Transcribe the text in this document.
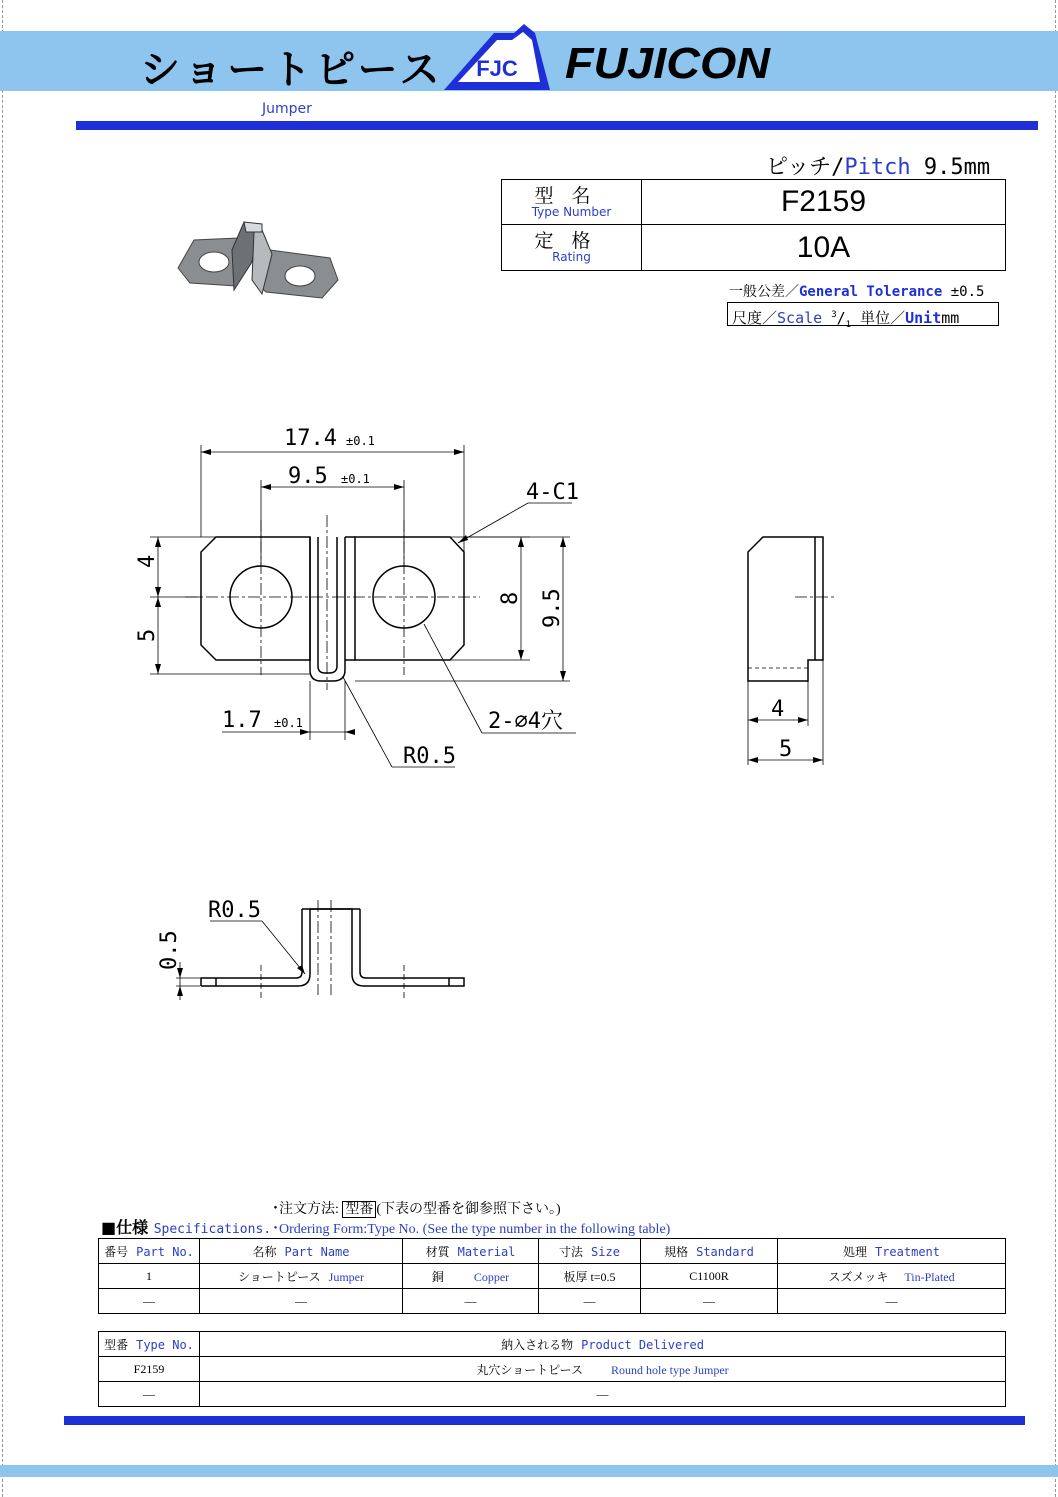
ショートピース FJC FUJICON
17.4 ±0.1
9.5 ±0.1
4-C1
4
5
8 9.5
1.7 ±0.1
R0.5
2-∅4穴	4
5
R0.5
0.5
Jumper
ピッチ/Pitch 9.5mm
型名
Type Number	F2159

定格
Rating	10A
一般公差／General Tolerance ±0.5
尺度／Scale $^3/_1$ 単位／Unitmm
･注文方法: 型番 (下表の型番を御参照下さい。)
･Ordering Form:Type No. (See the type number in the following table)
■仕様 Specifications.
番号 Part No.	名称 Part Name	材質 Material	寸法 Size	規格 Standard	処理 Treatment
1	ショートピース Jumper	銅 Copper	板厚 t=0.5	C1100R	スズメッキ Tin-Plated
—	—	—	—	—	—
型番 Type No.	納入される物 Product Delivered
F2159	丸穴ショートピース Round hole type Jumper
—	—
